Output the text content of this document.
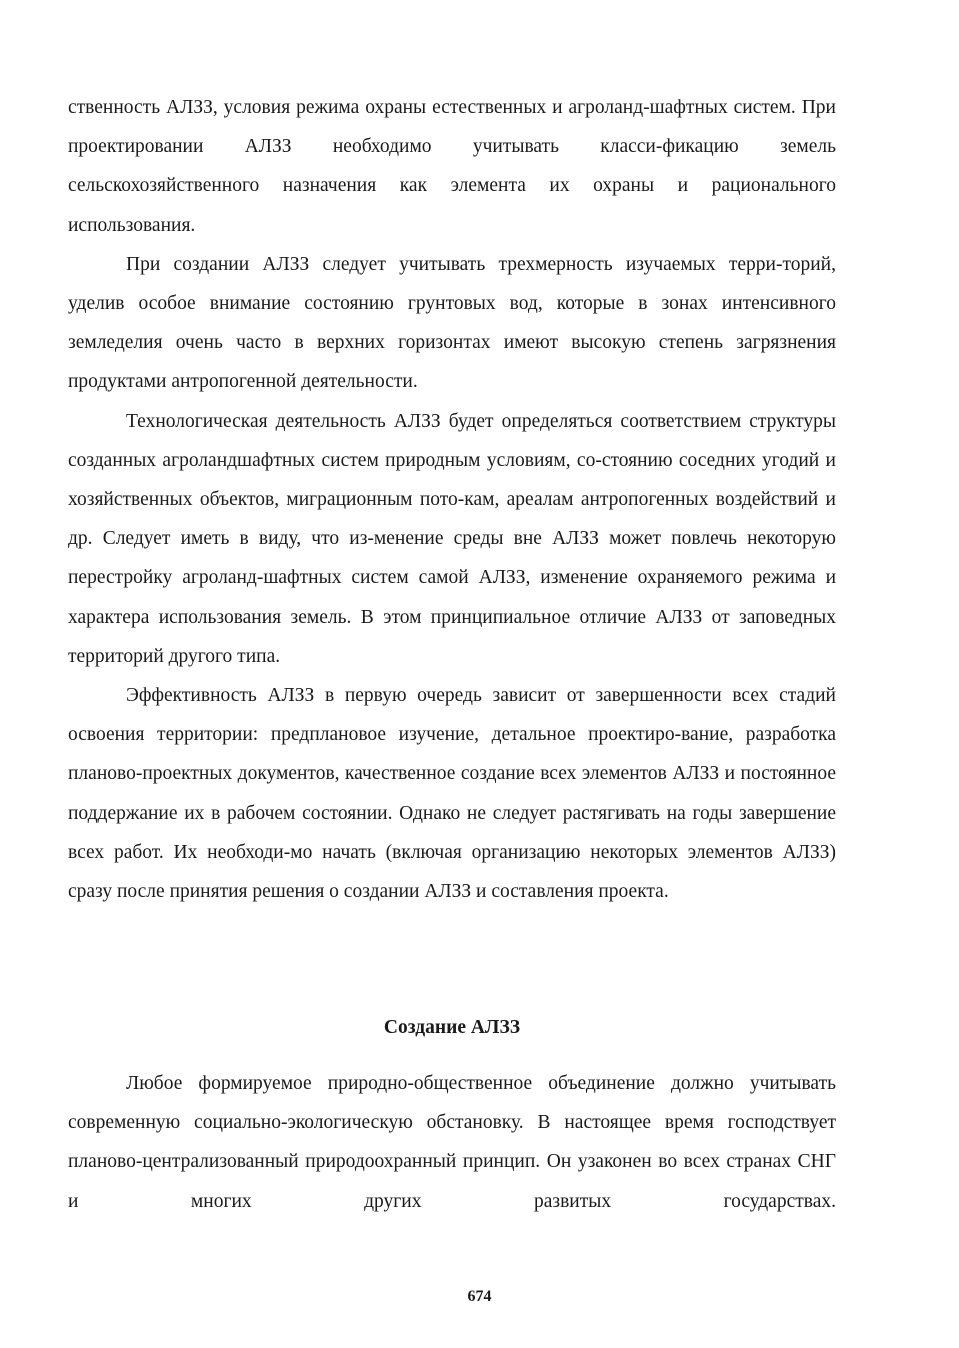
ственность АЛЗЗ, условия режима охраны естественных и агроланд-шафтных систем. При проектировании АЛЗЗ необходимо учитывать класси-фикацию земель сельскохозяйственного назначения как элемента их охраны и рационального использования.

При создании АЛЗЗ следует учитывать трехмерность изучаемых терри-торий, уделив особое внимание состоянию грунтовых вод, которые в зонах интенсивного земледелия очень часто в верхних горизонтах имеют высокую степень загрязнения продуктами антропогенной деятельности.

Технологическая деятельность АЛЗЗ будет определяться соответствием структуры созданных агроландшафтных систем природным условиям, со-стоянию соседних угодий и хозяйственных объектов, миграционным пото-кам, ареалам антропогенных воздействий и др. Следует иметь в виду, что из-менение среды вне АЛЗЗ может повлечь некоторую перестройку агроланд-шафтных систем самой АЛЗЗ, изменение охраняемого режима и характера использования земель. В этом принципиальное отличие АЛЗЗ от заповедных территорий другого типа.

Эффективность АЛЗЗ в первую очередь зависит от завершенности всех стадий освоения территории: предплановое изучение, детальное проектиро-вание, разработка планово-проектных документов, качественное создание всех элементов АЛЗЗ и постоянное поддержание их в рабочем состоянии. Однако не следует растягивать на годы завершение всех работ. Их необходи-мо начать (включая организацию некоторых элементов АЛЗЗ) сразу после принятия решения о создании АЛЗЗ и составления проекта.

Создание АЛЗЗ

Любое формируемое природно-общественное объединение должно учитывать современную социально-экологическую обстановку. В настоящее время господствует планово-централизованный природоохранный принцип. Он узаконен во всех странах СНГ и многих других развитых государствах.

674
